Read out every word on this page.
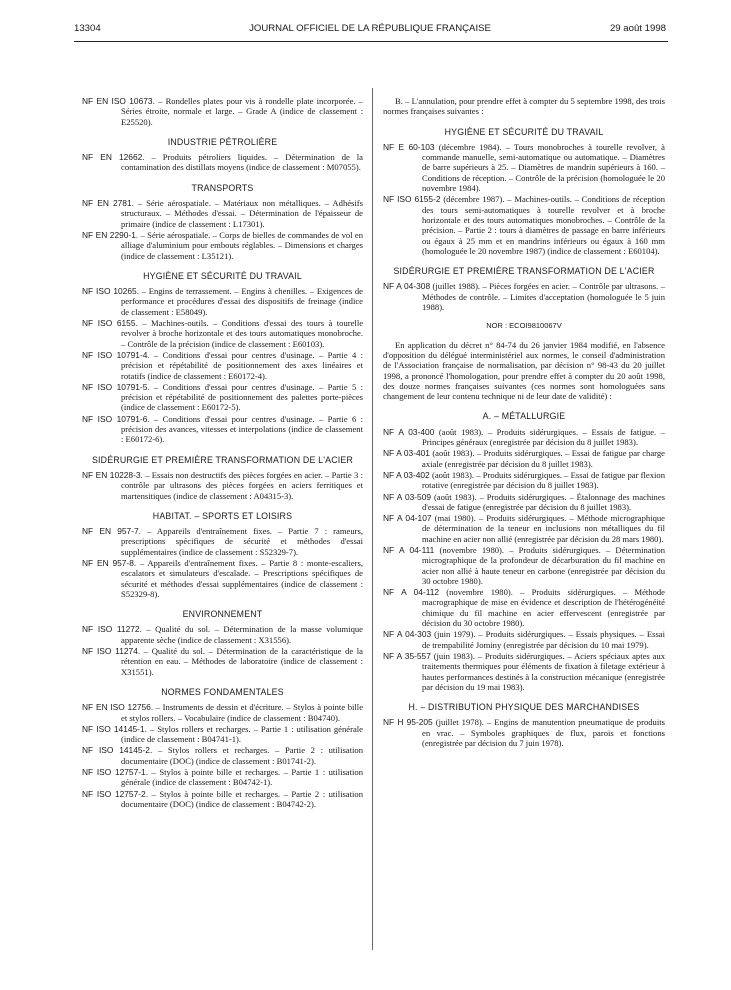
13304	JOURNAL OFFICIEL DE LA RÉPUBLIQUE FRANÇAISE	29 août 1998
NF EN ISO 10673. – Rondelles plates pour vis à rondelle plate incorporée. – Séries étroite, normale et large. – Grade A (indice de classement : E25520).
INDUSTRIE PÉTROLIÈRE
NF EN 12662. – Produits pétroliers liquides. – Détermination de la contamination des distillats moyens (indice de classement : M07055).
TRANSPORTS
NF EN 2781. – Série aérospatiale. – Matériaux non métalliques. – Adhésifs structuraux. – Méthodes d'essai. – Détermination de l'épaisseur de primaire (indice de classement : L17301).
NF EN 2290-1. – Série aérospatiale. – Corps de bielles de commandes de vol en alliage d'aluminium pour embouts réglables. – Dimensions et charges (indice de classement : L35121).
HYGIÈNE ET SÉCURITÉ DU TRAVAIL
NF ISO 10265. – Engins de terrassement. – Engins à chenilles. – Exigences de performance et procédures d'essai des dispositifs de freinage (indice de classement : E58049).
NF ISO 6155. – Machines-outils. – Conditions d'essai des tours à tourelle revolver à broche horizontale et des tours automatiques monobroche. – Contrôle de la précision (indice de classement : E60103).
NF ISO 10791-4. – Conditions d'essai pour centres d'usinage. – Partie 4 : précision et répétabilité de positionnement des axes linéaires et rotatifs (indice de classement : E60172-4).
NF ISO 10791-5. – Conditions d'essai pour centres d'usinage. – Partie 5 : précision et répétabilité de positionnement des palettes porte-pièces (indice de classement : E60172-5).
NF ISO 10791-6. – Conditions d'essai pour centres d'usinage. – Partie 6 : précision des avances, vitesses et interpolations (indice de classement : E60172-6).
SIDÉRURGIE ET PREMIÈRE TRANSFORMATION DE L'ACIER
NF EN 10228-3. – Essais non destructifs des pièces forgées en acier. – Partie 3 : contrôle par ultrasons des pièces forgées en aciers ferritiques et martensitiques (indice de classement : A04315-3).
HABITAT. – SPORTS ET LOISIRS
NF EN 957-7. – Appareils d'entraînement fixes. – Partie 7 : rameurs, prescriptions spécifiques de sécurité et méthodes d'essai supplémentaires (indice de classement : S52329-7).
NF EN 957-8. – Appareils d'entraînement fixes. – Partie 8 : monte-escaliers, escalators et simulateurs d'escalade. – Prescriptions spécifiques de sécurité et méthodes d'essai supplémentaires (indice de classement : S52329-8).
ENVIRONNEMENT
NF ISO 11272. – Qualité du sol. – Détermination de la masse volumique apparente sèche (indice de classement : X31556).
NF ISO 11274. – Qualité du sol. – Détermination de la caractéristique de la rétention en eau. – Méthodes de laboratoire (indice de classement : X31551).
NORMES FONDAMENTALES
NF EN ISO 12756. – Instruments de dessin et d'écriture. – Stylos à pointe bille et stylos rollers. – Vocabulaire (indice de classement : B04740).
NF ISO 14145-1. – Stylos rollers et recharges. – Partie 1 : utilisation générale (indice de classement : B04741-1).
NF ISO 14145-2. – Stylos rollers et recharges. – Partie 2 : utilisation documentaire (DOC) (indice de classement : B01741-2).
NF ISO 12757-1. – Stylos à pointe bille et recharges. – Partie 1 : utilisation générale (indice de classement : B04742-1).
NF ISO 12757-2. – Stylos à pointe bille et recharges. – Partie 2 : utilisation documentaire (DOC) (indice de classement : B04742-2).
B. – L'annulation, pour prendre effet à compter du 5 septembre 1998, des trois normes françaises suivantes :
HYGIÈNE ET SÉCURITÉ DU TRAVAIL
NF E 60-103 (décembre 1984). – Tours monobroches à tourelle revolver, à commande manuelle, semi-automatique ou automatique. – Diamètres de barre supérieurs à 25. – Diamètres de mandrin supérieurs à 160. – Conditions de réception. – Contrôle de la précision (homologuée le 20 novembre 1984).
NF ISO 6155-2 (décembre 1987). – Machines-outils. – Conditions de réception des tours semi-automatiques à tourelle revolver et à broche horizontale et des tours automatiques monobroches. – Contrôle de la précision. – Partie 2 : tours à diamètres de passage en barre inférieurs ou égaux à 25 mm et en mandrins inférieurs ou égaux à 160 mm (homologuée le 20 novembre 1987) (indice de classement : E60104).
SIDÉRURGIE ET PREMIÈRE TRANSFORMATION DE L'ACIER
NF A 04-308 (juillet 1988). – Pièces forgées en acier. – Contrôle par ultrasons. – Méthodes de contrôle. – Limites d'acceptation (homologuée le 5 juin 1988).
NOR : ECOI9810067V
En application du décret n° 84-74 du 26 janvier 1984 modifié, en l'absence d'opposition du délégué interministériel aux normes, le conseil d'administration de l'Association française de normalisation, par décision n° 98-43 du 20 juillet 1998, a prononcé l'homologation, pour prendre effet à compter du 20 août 1998, des douze normes françaises suivantes (ces normes sont homologuées sans changement de leur contenu technique ni de leur date de validité) :
A. – MÉTALLURGIE
NF A 03-400 (août 1983). – Produits sidérurgiques. – Essais de fatigue. – Principes généraux (enregistrée par décision du 8 juillet 1983).
NF A 03-401 (août 1983). – Produits sidérurgiques. – Essai de fatigue par charge axiale (enregistrée par décision du 8 juillet 1983).
NF A 03-402 (août 1983). – Produits sidérurgiques. – Essai de fatigue par flexion rotative (enregistrée par décision du 8 juillet 1983).
NF A 03-509 (août 1983). – Produits sidérurgiques. – Étalonnage des machines d'essai de fatigue (enregistrée par décision du 8 juillet 1983).
NF A 04-107 (mai 1980). – Produits sidérurgiques. – Méthode micrographique de détermination de la teneur en inclusions non métalliques du fil machine en acier non allié (enregistrée par décision du 28 mars 1980).
NF A 04-111 (novembre 1980). – Produits sidérurgiques. – Détermination micrographique de la profondeur de décarburation du fil machine en acier non allié à haute teneur en carbone (enregistrée par décision du 30 octobre 1980).
NF A 04-112 (novembre 1980). – Produits sidérurgiques. – Méthode macrographique de mise en évidence et description de l'hétérogénéité chimique du fil machine en acier effervescent (enregistrée par décision du 30 octobre 1980).
NF A 04-303 (juin 1979). – Produits sidérurgiques. – Essais physiques. – Essai de trempabilité Jominy (enregistrée par décision du 10 mai 1979).
NF A 35-557 (juin 1983). – Produits sidérurgiques. – Aciers spéciaux aptes aux traitements thermiques pour éléments de fixation à filetage extérieur à hautes performances destinés à la construction mécanique (enregistrée par décision du 19 mai 1983).
H. – DISTRIBUTION PHYSIQUE DES MARCHANDISES
NF H 95-205 (juillet 1978). – Engins de manutention pneumatique de produits en vrac. – Symboles graphiques de flux, parois et fonctions (enregistrée par décision du 7 juin 1978).
